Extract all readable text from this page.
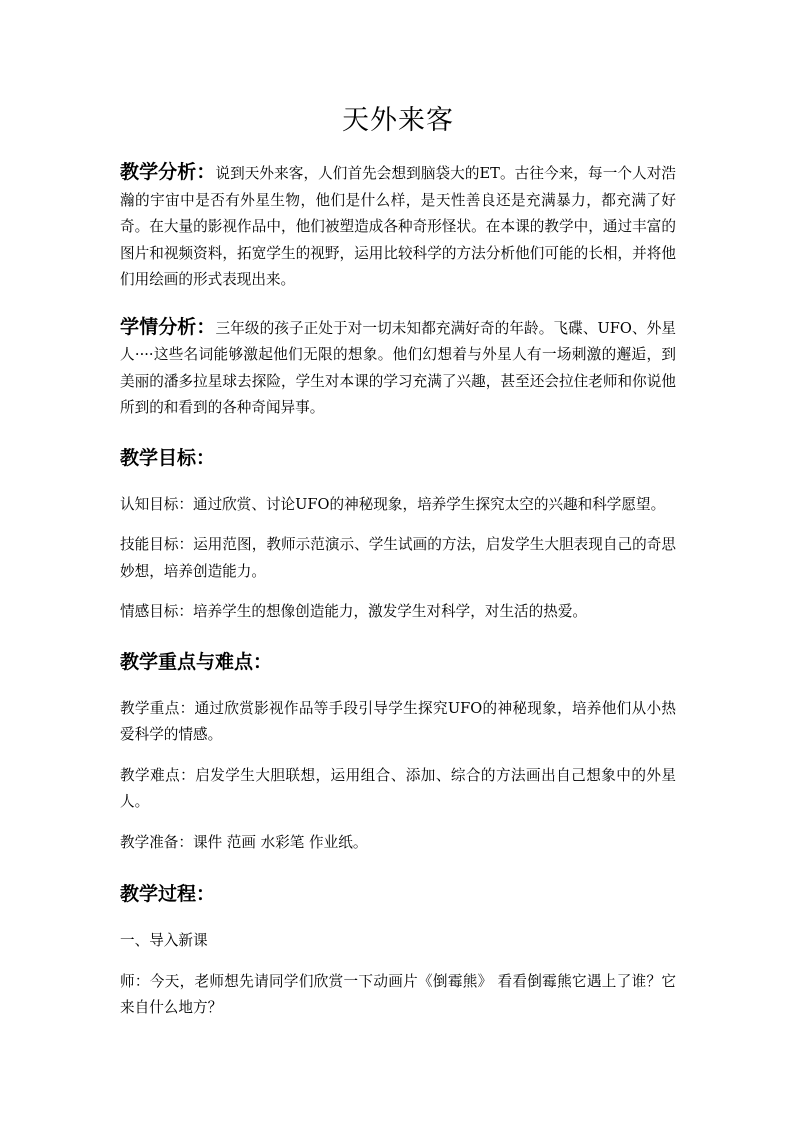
天外来客

教学分析：说到天外来客，人们首先会想到脑袋大的ET。古往今来，每一个人对浩瀚的宇宙中是否有外星生物，他们是什么样，是天性善良还是充满暴力，都充满了好奇。在大量的影视作品中，他们被塑造成各种奇形怪状。在本课的教学中，通过丰富的图片和视频资料，拓宽学生的视野，运用比较科学的方法分析他们可能的长相，并将他们用绘画的形式表现出来。

学情分析：三年级的孩子正处于对一切未知都充满好奇的年龄。飞碟、UFO、外星人····这些名词能够激起他们无限的想象。他们幻想着与外星人有一场刺激的邂逅，到美丽的潘多拉星球去探险，学生对本课的学习充满了兴趣，甚至还会拉住老师和你说他所到的和看到的各种奇闻异事。

教学目标：

认知目标：通过欣赏、讨论UFO的神秘现象，培养学生探究太空的兴趣和科学愿望。

技能目标：运用范图，教师示范演示、学生试画的方法，启发学生大胆表现自己的奇思妙想，培养创造能力。

情感目标：培养学生的想像创造能力，激发学生对科学，对生活的热爱。

教学重点与难点：

教学重点：通过欣赏影视作品等手段引导学生探究UFO的神秘现象，培养他们从小热爱科学的情感。

教学难点：启发学生大胆联想，运用组合、添加、综合的方法画出自己想象中的外星人。

教学准备：课件 范画 水彩笔 作业纸。

教学过程：

一、导入新课

师：今天，老师想先请同学们欣赏一下动画片《倒霉熊》 看看倒霉熊它遇上了谁？它来自什么地方？
